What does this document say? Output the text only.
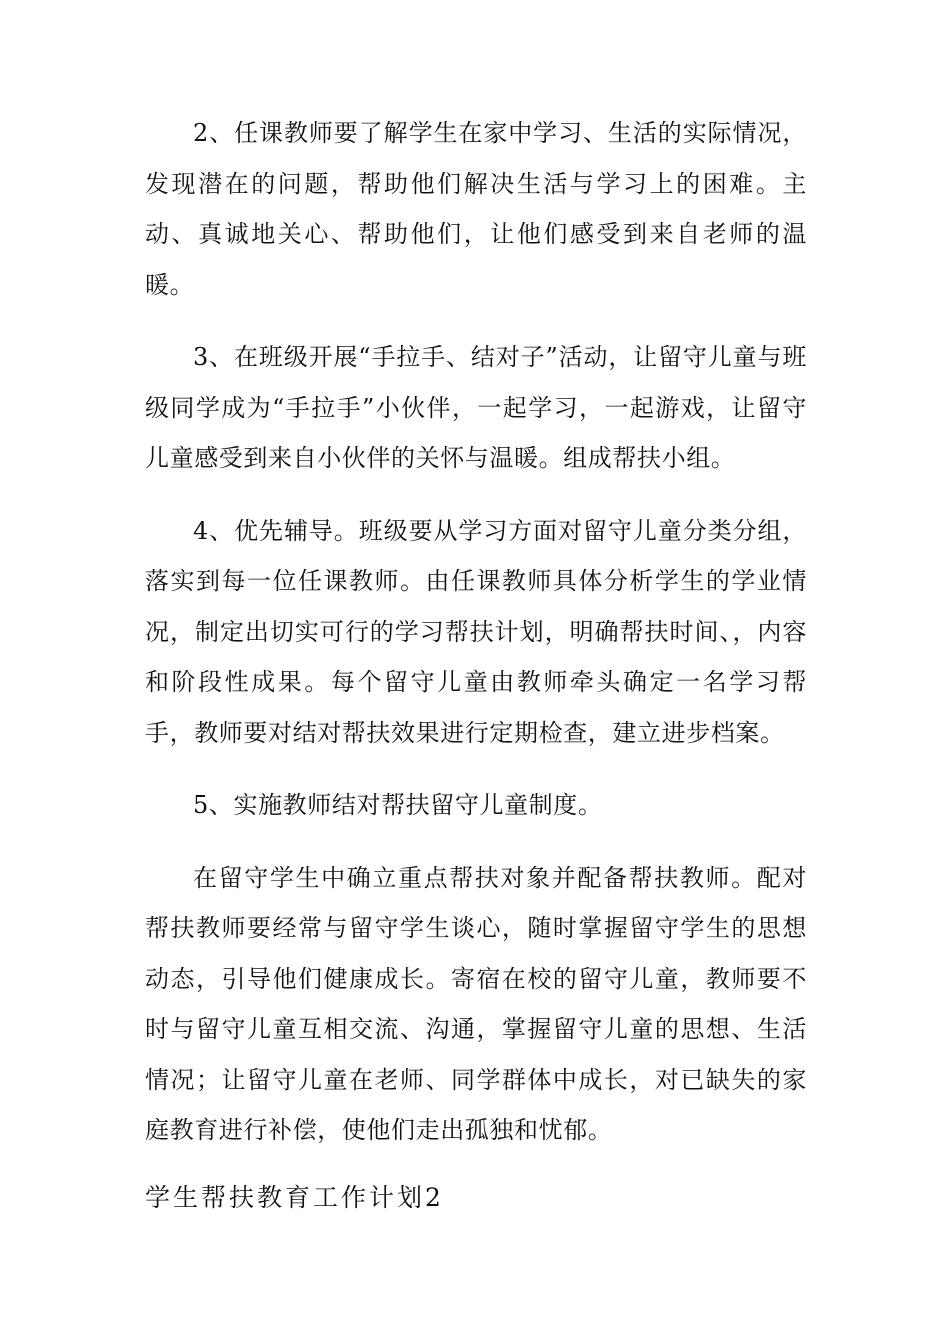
2、任课教师要了解学生在家中学习、生活的实际情况，发现潜在的问题，帮助他们解决生活与学习上的困难。主动、真诚地关心、帮助他们，让他们感受到来自老师的温暖。

3、在班级开展“手拉手、结对子”活动，让留守儿童与班级同学成为“手拉手”小伙伴，一起学习，一起游戏，让留守儿童感受到来自小伙伴的关怀与温暖。组成帮扶小组。

4、优先辅导。班级要从学习方面对留守儿童分类分组，落实到每一位任课教师。由任课教师具体分析学生的学业情况，制定出切实可行的学习帮扶计划，明确帮扶时间、，内容和阶段性成果。每个留守儿童由教师牵头确定一名学习帮手，教师要对结对帮扶效果进行定期检查，建立进步档案。

5、实施教师结对帮扶留守儿童制度。

在留守学生中确立重点帮扶对象并配备帮扶教师。配对帮扶教师要经常与留守学生谈心，随时掌握留守学生的思想动态，引导他们健康成长。寄宿在校的留守儿童，教师要不时与留守儿童互相交流、沟通，掌握留守儿童的思想、生活情况；让留守儿童在老师、同学群体中成长，对已缺失的家庭教育进行补偿，使他们走出孤独和忧郁。

学生帮扶教育工作计划2
